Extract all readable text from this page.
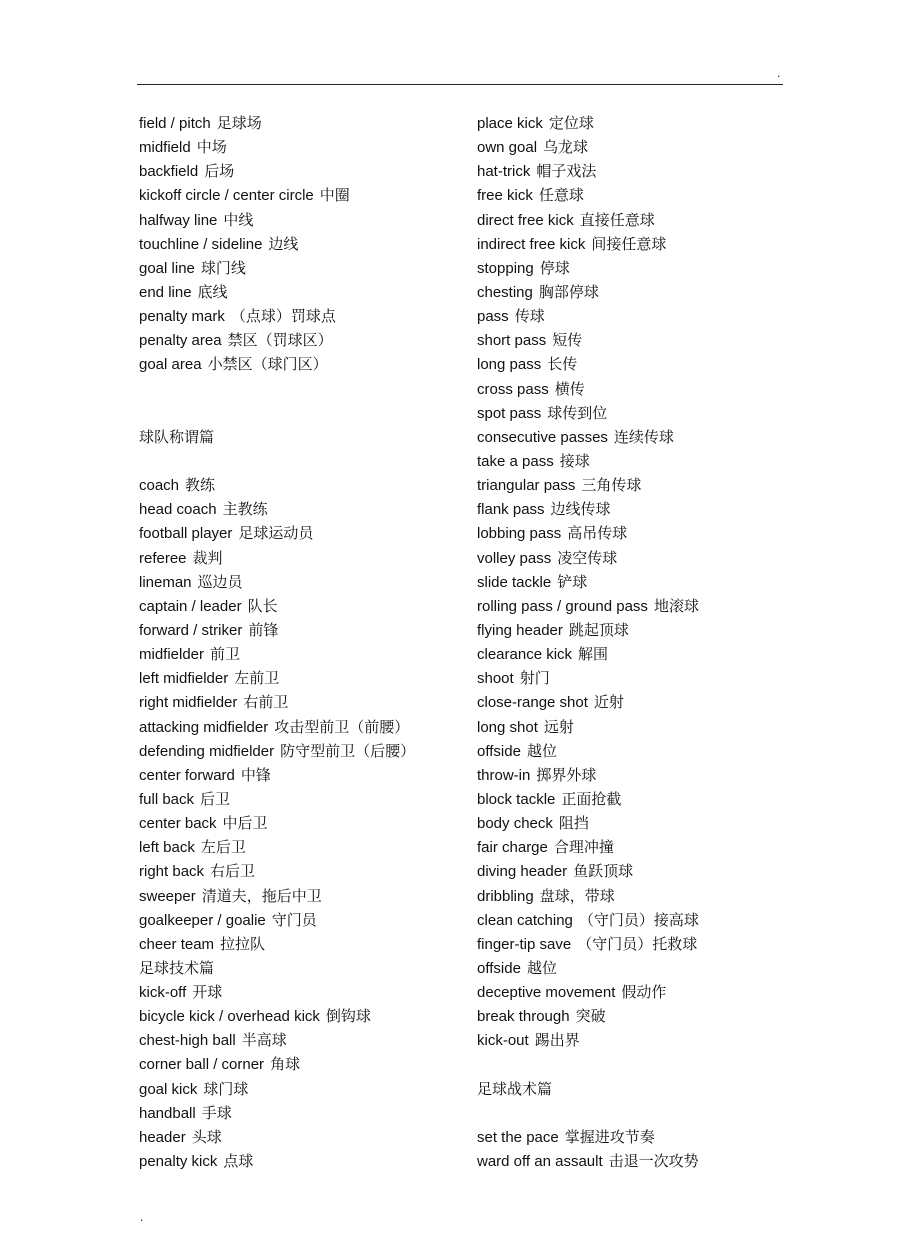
.
field / pitch 足球场
midfield 中场
backfield 后场
kickoff circle / center circle 中圈
halfway line 中线
touchline / sideline 边线
goal line 球门线
end line 底线
penalty mark （点球）罚球点
penalty area 禁区（罚球区）
goal area 小禁区（球门区）
球队称谓篇
coach 教练
head coach 主教练
football player 足球运动员
referee 裁判
lineman 巡边员
captain / leader 队长
forward / striker 前锋
midfielder 前卫
left midfielder 左前卫
right midfielder 右前卫
attacking midfielder 攻击型前卫（前腰）
defending midfielder 防守型前卫（后腰）
center forward 中锋
full back 后卫
center back 中后卫
left back 左后卫
right back 右后卫
sweeper 清道夫，拖后中卫
goalkeeper / goalie 守门员
cheer team 拉拉队
足球技术篇
kick-off 开球
bicycle kick / overhead kick 倒钩球
chest-high ball 半高球
corner ball / corner 角球
goal kick 球门球
handball 手球
header 头球
penalty kick 点球
place kick 定位球
own goal 乌龙球
hat-trick 帽子戏法
free kick 任意球
direct free kick 直接任意球
indirect free kick 间接任意球
stopping 停球
chesting 胸部停球
pass 传球
short pass 短传
long pass 长传
cross pass 横传
spot pass 球传到位
consecutive passes 连续传球
take a pass 接球
triangular pass 三角传球
flank pass 边线传球
lobbing pass 高吊传球
volley pass 凌空传球
slide tackle 铲球
rolling pass / ground pass 地滚球
flying header 跳起顶球
clearance kick 解围
shoot 射门
close-range shot 近射
long shot 远射
offside 越位
throw-in 掷界外球
block tackle 正面抢截
body check 阻挡
fair charge 合理冲撞
diving header 鱼跃顶球
dribbling 盘球，带球
clean catching （守门员）接高球
finger-tip save （守门员）托救球
offside 越位
deceptive movement 假动作
break through 突破
kick-out 踢出界
足球战术篇
set the pace 掌握进攻节奏
ward off an assault 击退一次攻势
.
